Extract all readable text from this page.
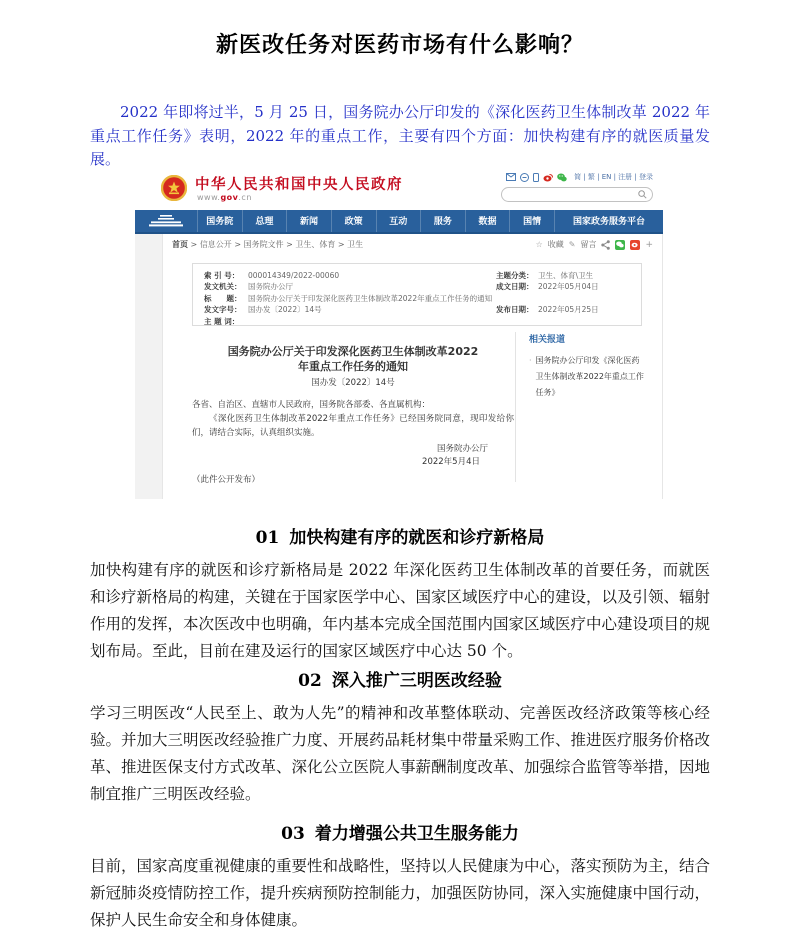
新医改任务对医药市场有什么影响？
2022 年即将过半，5 月 25 日，国务院办公厅印发的《深化医药卫生体制改革 2022 年重点工作任务》表明，2022 年的重点工作，主要有四个方面：加快构建有序的就医质量发展。
中华人民共和国中央人民政府
www.gov.cn
简 | 繁 | EN | 注册 | 登录
国务院	总理	新闻	政策	互动	服务	数据	国情	国家政务服务平台
首页 > 信息公开 > 国务院文件 > 卫生、体育 > 卫生	☆ 收藏 ✎ 留言	+
索 引 号：	000014349/2022-00060	主题分类： 卫生、体育\卫生
发文机关： 国务院办公厅	成文日期： 2022年05月04日
标　　题： 国务院办公厅关于印发深化医药卫生体制改革2022年重点工作任务的通知
发文字号： 国办发〔2022〕14号	发布日期： 2022年05月25日
主 题 词：
国务院办公厅关于印发深化医药卫生体制改革2022年重点工作任务的通知
国办发〔2022〕14号
各省、自治区、直辖市人民政府，国务院各部委、各直属机构：
《深化医药卫生体制改革2022年重点工作任务》已经国务院同意，现印发给你们，请结合实际，认真组织实施。
国务院办公厅
2022年5月4日
（此件公开发布）
相关报道
· 国务院办公厅印发《深化医药卫生体制改革2022年重点工作任务》
01 加快构建有序的就医和诊疗新格局
加快构建有序的就医和诊疗新格局是 2022 年深化医药卫生体制改革的首要任务，而就医和诊疗新格局的构建，关键在于国家医学中心、国家区域医疗中心的建设，以及引领、辐射作用的发挥，本次医改中也明确，年内基本完成全国范围内国家区域医疗中心建设项目的规划布局。至此，目前在建及运行的国家区域医疗中心达 50 个。
02 深入推广三明医改经验
学习三明医改“人民至上、敢为人先”的精神和改革整体联动、完善医改经济政策等核心经验。并加大三明医改经验推广力度、开展药品耗材集中带量采购工作、推进医疗服务价格改革、推进医保支付方式改革、深化公立医院人事薪酬制度改革、加强综合监管等举措，因地制宜推广三明医改经验。
03 着力增强公共卫生服务能力
目前，国家高度重视健康的重要性和战略性，坚持以人民健康为中心，落实预防为主，结合新冠肺炎疫情防控工作，提升疾病预防控制能力，加强医防协同，深入实施健康中国行动，保护人民生命安全和身体健康。
